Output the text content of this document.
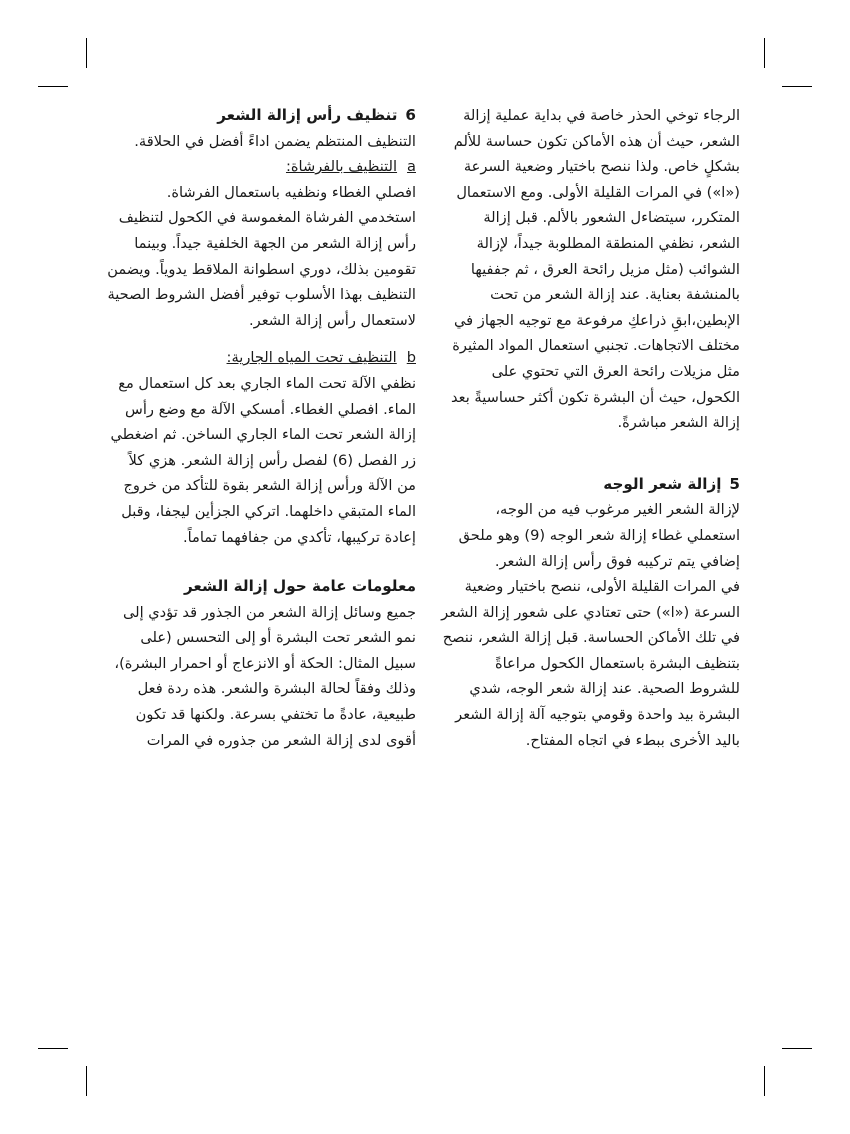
الرجاء توخي الحذر خاصة في بداية عملية إزالة الشعر، حيث أن هذه الأماكن تكون حساسة للألم بشكلٍ خاص. ولذا ننصح باختيار وضعية السرعة («ا») في المرات القليلة الأولى. ومع الاستعمال المتكرر، سيتضاءل الشعور بالألم. قبل إزالة الشعر، نظفي المنطقة المطلوبة جيداً، لإزالة الشوائب (مثل مزيل رائحة العرق ، ثم جففيها بالمنشفة بعناية. عند إزالة الشعر من تحت الإبطين،ابقِ ذراعكِ مرفوعة مع توجيه الجهاز في مختلف الاتجاهات. تجنبي استعمال المواد المثيرة مثل مزيلات رائحة العرق التي تحتوي على الكحول، حيث أن البشرة تكون أكثر حساسيةً بعد إزالة الشعر مباشرةً.

5إزالة شعر الوجه

لإزالة الشعر الغير مرغوب فيه من الوجه، استعملي غطاء إزالة شعر الوجه (9) وهو ملحق إضافي يتم تركيبه فوق رأس إزالة الشعر.

في المرات القليلة الأولى، ننصح باختيار وضعية السرعة («ا») حتى تعتادي على شعور إزالة الشعر في تلك الأماكن الحساسة. قبل إزالة الشعر، ننصح بتنظيف البشرة باستعمال الكحول مراعاةً للشروط الصحية. عند إزالة شعر الوجه، شدي البشرة بيد واحدة وقومي بتوجيه آلة إزالة الشعر باليد الأخرى ببطء في اتجاه المفتاح.

6تنظيف رأس إزالة الشعر

التنظيف المنتظم يضمن اداءً أفضل في الحلاقة.

aالتنظيف بالفرشاة:

افصلي الغطاء ونظفيه باستعمال الفرشاة. استخدمي الفرشاة المغموسة في الكحول لتنظيف رأس إزالة الشعر من الجهة الخلفية جيداً. وبينما تقومين بذلك، دوري اسطوانة الملاقط يدوياً. ويضمن التنظيف بهذا الأسلوب توفير أفضل الشروط الصحية لاستعمال رأس إزالة الشعر.

bالتنظيف تحت المياه الجارية:

نظفي الآلة تحت الماء الجاري بعد كل استعمال مع الماء. افصلي الغطاء. أمسكي الآلة مع وضع رأس إزالة الشعر تحت الماء الجاري الساخن. ثم اضغطي زر الفصل (6) لفصل رأس إزالة الشعر. هزي كلاً من الآلة ورأس إزالة الشعر بقوة للتأكد من خروج الماء المتبقي داخلهما. اتركي الجزأين ليجفا، وقبل إعادة تركيبها، تأكدي من جفافهما تماماً.

معلومات عامة حول إزالة الشعر

جميع وسائل إزالة الشعر من الجذور قد تؤدي إلى نمو الشعر تحت البشرة أو إلى التحسس (على سبيل المثال: الحكة أو الانزعاج أو احمرار البشرة)، وذلك وفقاً لحالة البشرة والشعر. هذه ردة فعل طبيعية، عادةً ما تختفي بسرعة. ولكنها قد تكون أقوى لدى إزالة الشعر من جذوره في المرات
